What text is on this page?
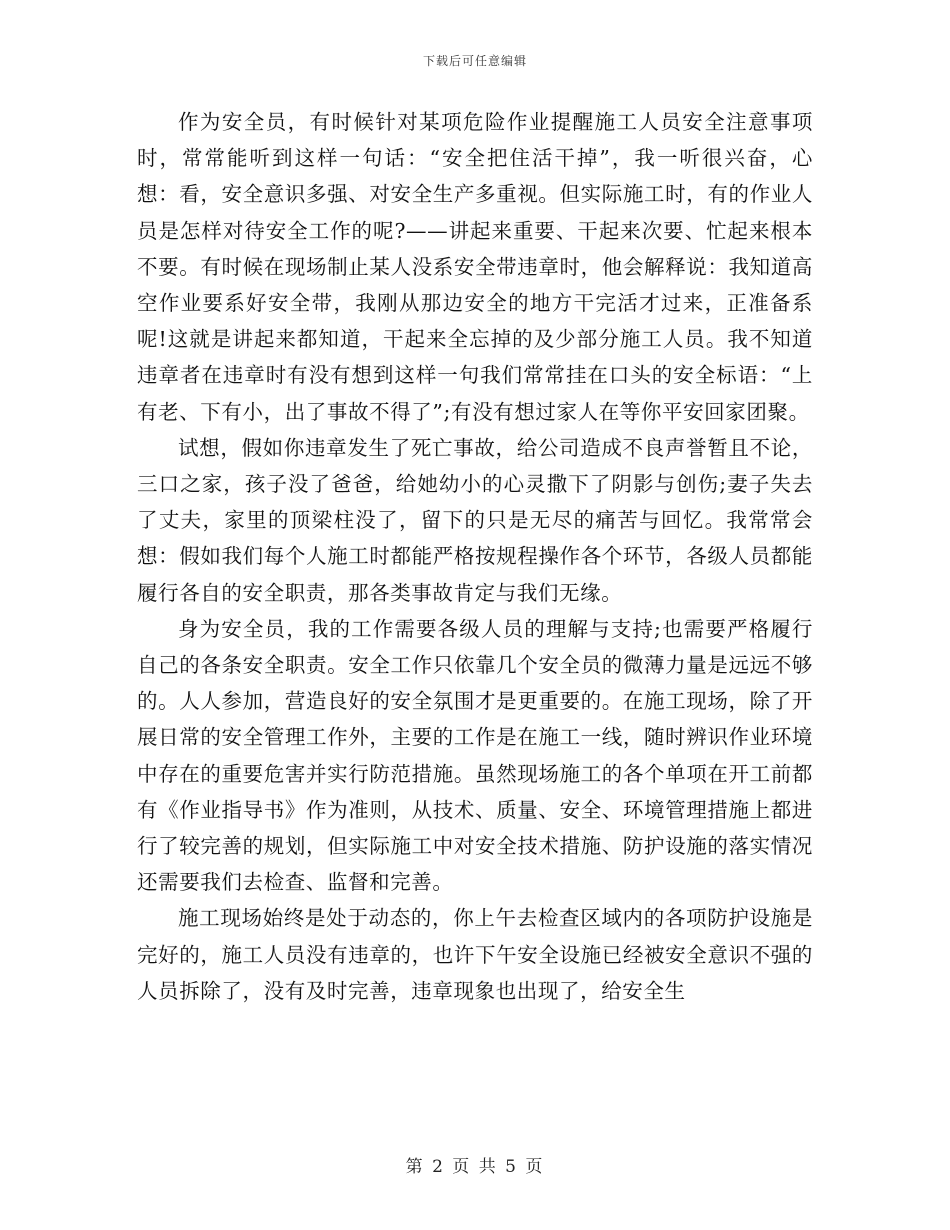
下载后可任意编辑

作为安全员，有时候针对某项危险作业提醒施工人员安全注意事项时，常常能听到这样一句话：“安全把住活干掉”，我一听很兴奋，心想：看，安全意识多强、对安全生产多重视。但实际施工时，有的作业人员是怎样对待安全工作的呢?——讲起来重要、干起来次要、忙起来根本不要。有时候在现场制止某人没系安全带违章时，他会解释说：我知道高空作业要系好安全带，我刚从那边安全的地方干完活才过来，正准备系呢!这就是讲起来都知道，干起来全忘掉的及少部分施工人员。我不知道违章者在违章时有没有想到这样一句我们常常挂在口头的安全标语：“上有老、下有小，出了事故不得了”;有没有想过家人在等你平安回家团聚。

试想，假如你违章发生了死亡事故，给公司造成不良声誉暂且不论，三口之家，孩子没了爸爸，给她幼小的心灵撒下了阴影与创伤;妻子失去了丈夫，家里的顶梁柱没了，留下的只是无尽的痛苦与回忆。我常常会想：假如我们每个人施工时都能严格按规程操作各个环节，各级人员都能履行各自的安全职责，那各类事故肯定与我们无缘。

身为安全员，我的工作需要各级人员的理解与支持;也需要严格履行自己的各条安全职责。安全工作只依靠几个安全员的微薄力量是远远不够的。人人参加，营造良好的安全氛围才是更重要的。在施工现场，除了开展日常的安全管理工作外，主要的工作是在施工一线，随时辨识作业环境中存在的重要危害并实行防范措施。虽然现场施工的各个单项在开工前都有《作业指导书》作为准则，从技术、质量、安全、环境管理措施上都进行了较完善的规划，但实际施工中对安全技术措施、防护设施的落实情况还需要我们去检查、监督和完善。

施工现场始终是处于动态的，你上午去检查区域内的各项防护设施是完好的，施工人员没有违章的，也许下午安全设施已经被安全意识不强的人员拆除了，没有及时完善，违章现象也出现了，给安全生

第 2 页 共 5 页
